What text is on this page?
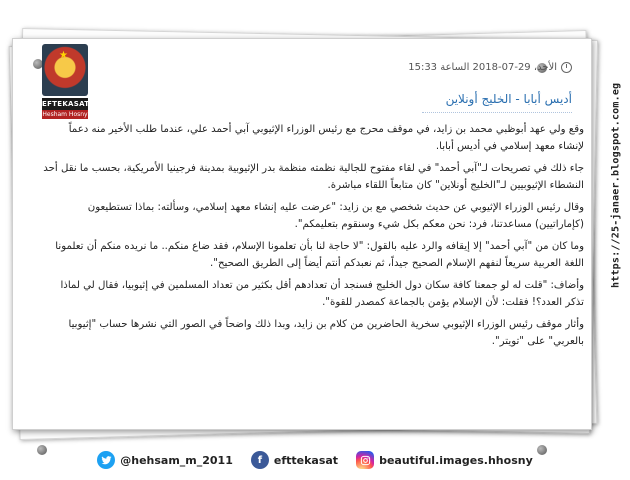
★
EFTEKASAT
Hesham Hosny
الأحد، 29-07-2018 الساعة 15:33
أديس أبابا - الخليج أونلاين

وقع ولي عهد أبوظبي محمد بن زايد، في موقف محرج مع رئيس الوزراء الإثيوبي آبي أحمد علي، عندما طلب الأخير منه دعماً لإنشاء معهد إسلامي في أديس أبابا.

جاء ذلك في تصريحات لـ"آبي أحمد" في لقاء مفتوح للجالية نظمته منظمة بدر الإثيوبية بمدينة فرجينيا الأمريكية، بحسب ما نقل أحد النشطاء الإثيوبيين لـ"الخليج أونلاين" كان متابعاً اللقاء مباشرة.

وقال رئيس الوزراء الإثيوبي عن حديث شخصي مع بن زايد: "عرضت عليه إنشاء معهد إسلامي، وسألته: بماذا تستطيعون (كإماراتيين) مساعدتنا، فرد: نحن معكم بكل شيء وسنقوم بتعليمكم".

وما كان من "آبي أحمد" إلا إيقافه والرد عليه بالقول: "لا حاجة لنا بأن تعلمونا الإسلام، فقد ضاع منكم.. ما نريده منكم أن تعلمونا اللغة العربية سريعاً لنفهم الإسلام الصحيح جيداً، ثم نعبدكم أنتم أيضاً إلى الطريق الصحيح".

وأضاف: "قلت له لو جمعنا كافة سكان دول الخليج فسنجد أن تعدادهم أقل بكثير من تعداد المسلمين في إثيوبيا، فقال لي لماذا تذكر العدد؟! فقلت: لأن الإسلام يؤمن بالجماعة كمصدر للقوة".

وأثار موقف رئيس الوزراء الإثيوبي سخرية الحاضرين من كلام بن زايد، وبدا ذلك واضحاً في الصور التي نشرها حساب "إثيوبيا بالعربي" على "تويتر".

https://25-janaer.blogspot.com.eg
@hehsam_m_2011	f	efttekasat	beautiful.images.hhosny
